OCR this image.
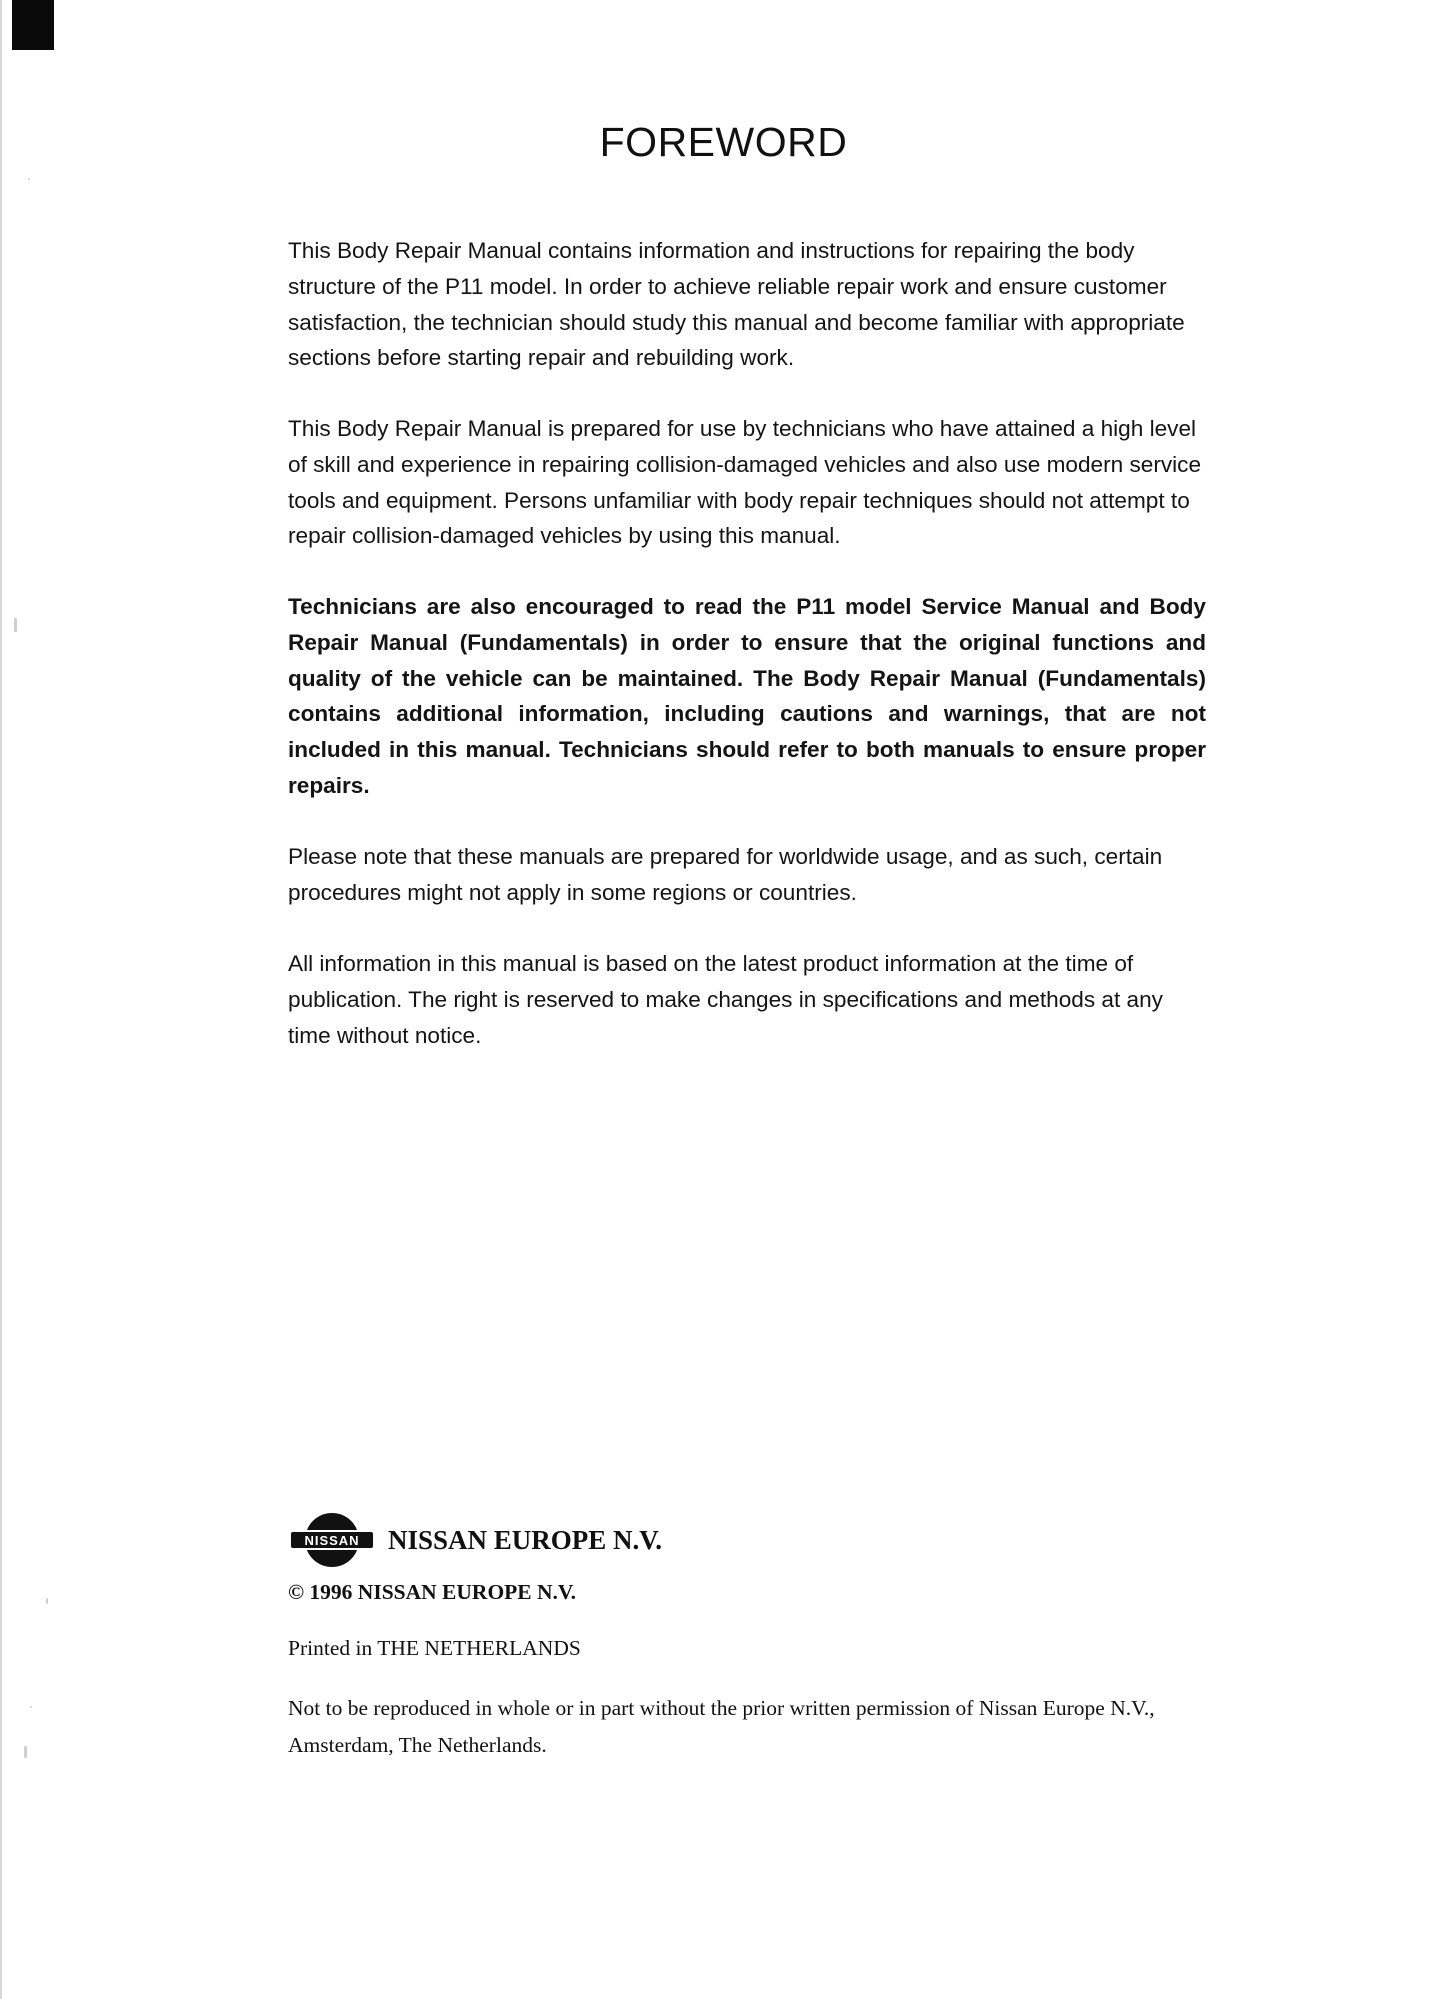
FOREWORD

This Body Repair Manual contains information and instructions for repairing the body structure of the P11 model. In order to achieve reliable repair work and ensure customer satisfaction, the technician should study this manual and become familiar with appropriate sections before starting repair and rebuilding work.

This Body Repair Manual is prepared for use by technicians who have attained a high level of skill and experience in repairing collision-damaged vehicles and also use modern service tools and equipment. Persons unfamiliar with body repair techniques should not attempt to repair collision-damaged vehicles by using this manual.

Technicians are also encouraged to read the P11 model Service Manual and Body Repair Manual (Fundamentals) in order to ensure that the original functions and quality of the vehicle can be maintained. The Body Repair Manual (Fundamentals) contains additional information, including cautions and warnings, that are not included in this manual. Technicians should refer to both manuals to ensure proper repairs.

Please note that these manuals are prepared for worldwide usage, and as such, certain procedures might not apply in some regions or countries.

All information in this manual is based on the latest product information at the time of publication. The right is reserved to make changes in specifications and methods at any time without notice.

NISSAN NISSAN EUROPE N.V.

© 1996 NISSAN EUROPE N.V.

Printed in THE NETHERLANDS

Not to be reproduced in whole or in part without the prior written permission of Nissan Europe N.V., Amsterdam, The Netherlands.
